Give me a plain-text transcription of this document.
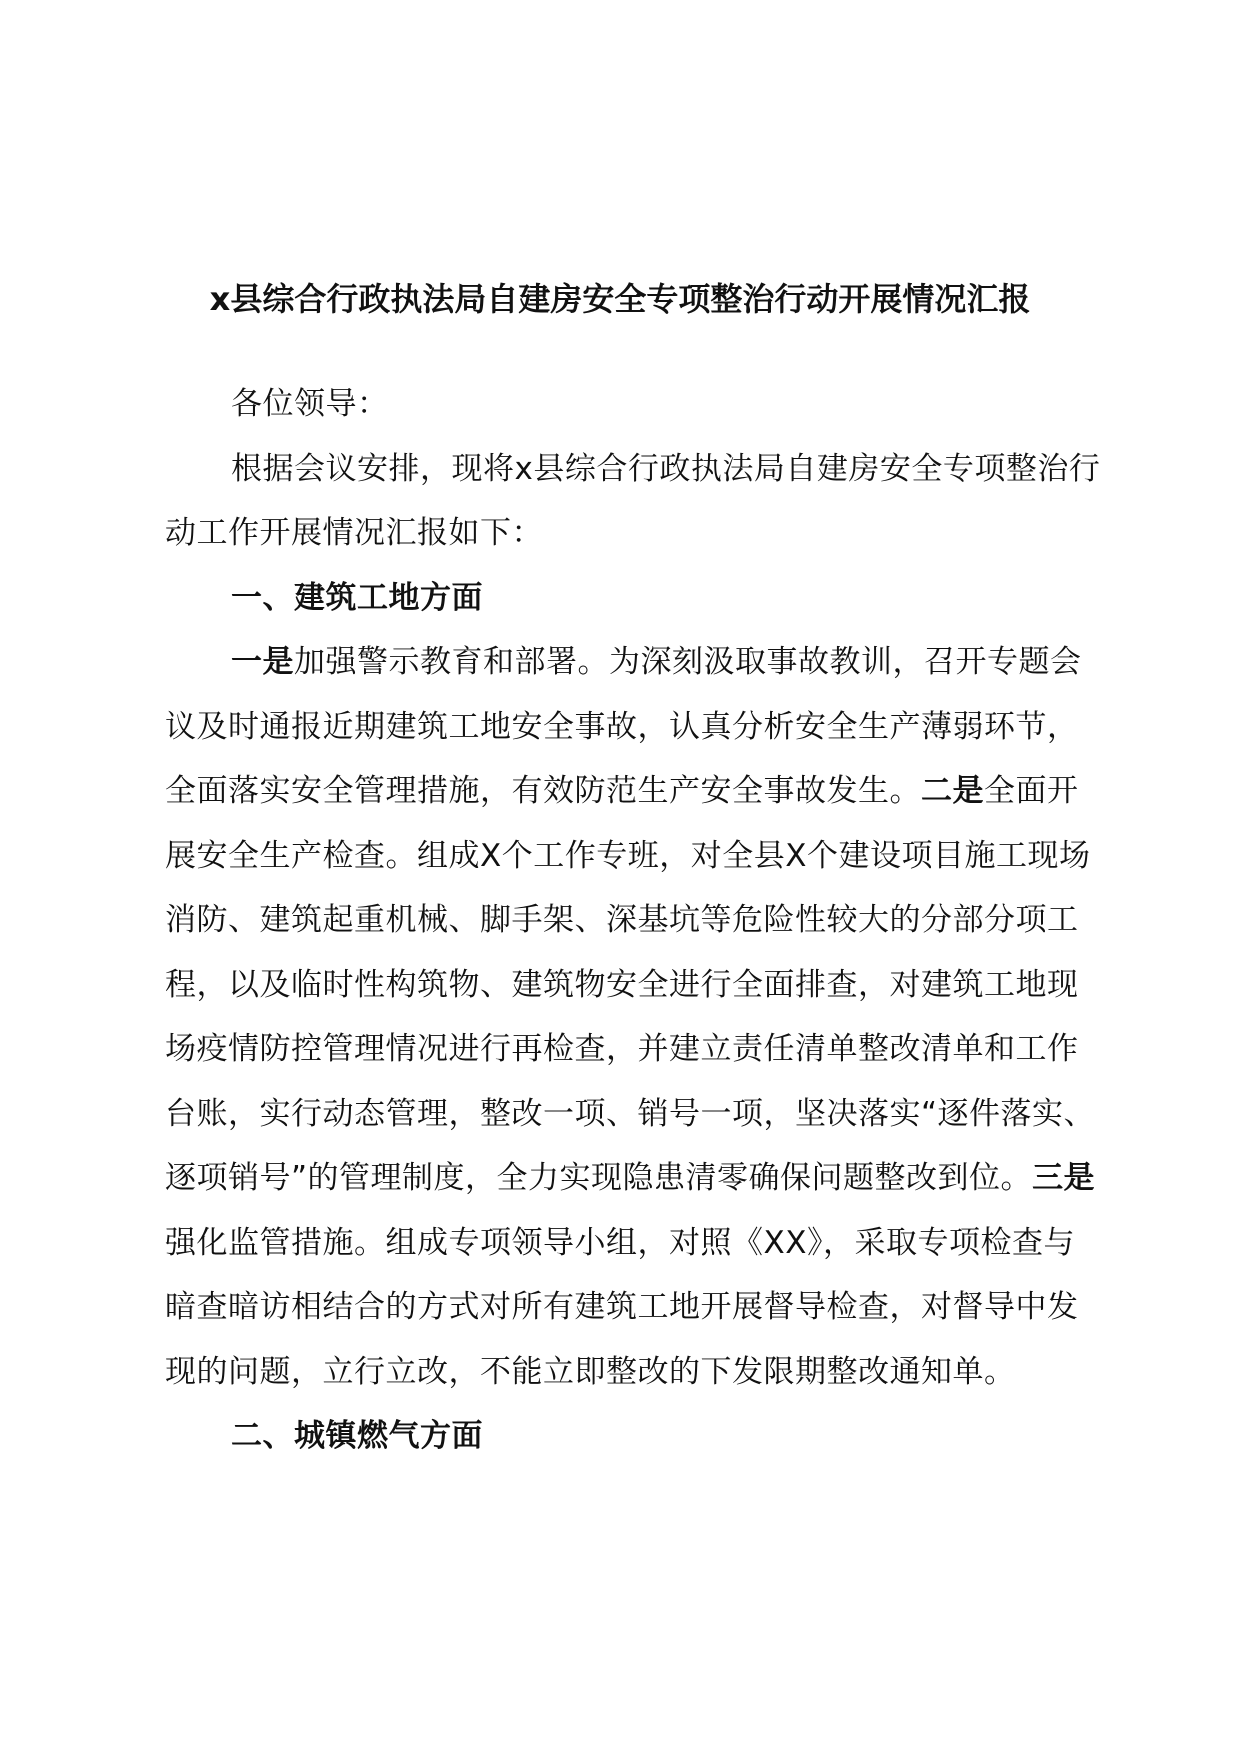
x县综合行政执法局自建房安全专项整治行动开展情况汇报

各位领导：

根据会议安排，现将x县综合行政执法局自建房安全专项整治行动工作开展情况汇报如下：

一、建筑工地方面

一是加强警示教育和部署。为深刻汲取事故教训，召开专题会议及时通报近期建筑工地安全事故，认真分析安全生产薄弱环节，全面落实安全管理措施，有效防范生产安全事故发生。二是全面开展安全生产检查。组成X个工作专班，对全县X个建设项目施工现场消防、建筑起重机械、脚手架、深基坑等危险性较大的分部分项工程，以及临时性构筑物、建筑物安全进行全面排查，对建筑工地现场疫情防控管理情况进行再检查，并建立责任清单整改清单和工作台账，实行动态管理，整改一项、销号一项，坚决落实“逐件落实、逐项销号”的管理制度，全力实现隐患清零确保问题整改到位。三是强化监管措施。组成专项领导小组，对照《XX》，采取专项检查与暗查暗访相结合的方式对所有建筑工地开展督导检查，对督导中发现的问题，立行立改，不能立即整改的下发限期整改通知单。

二、城镇燃气方面
